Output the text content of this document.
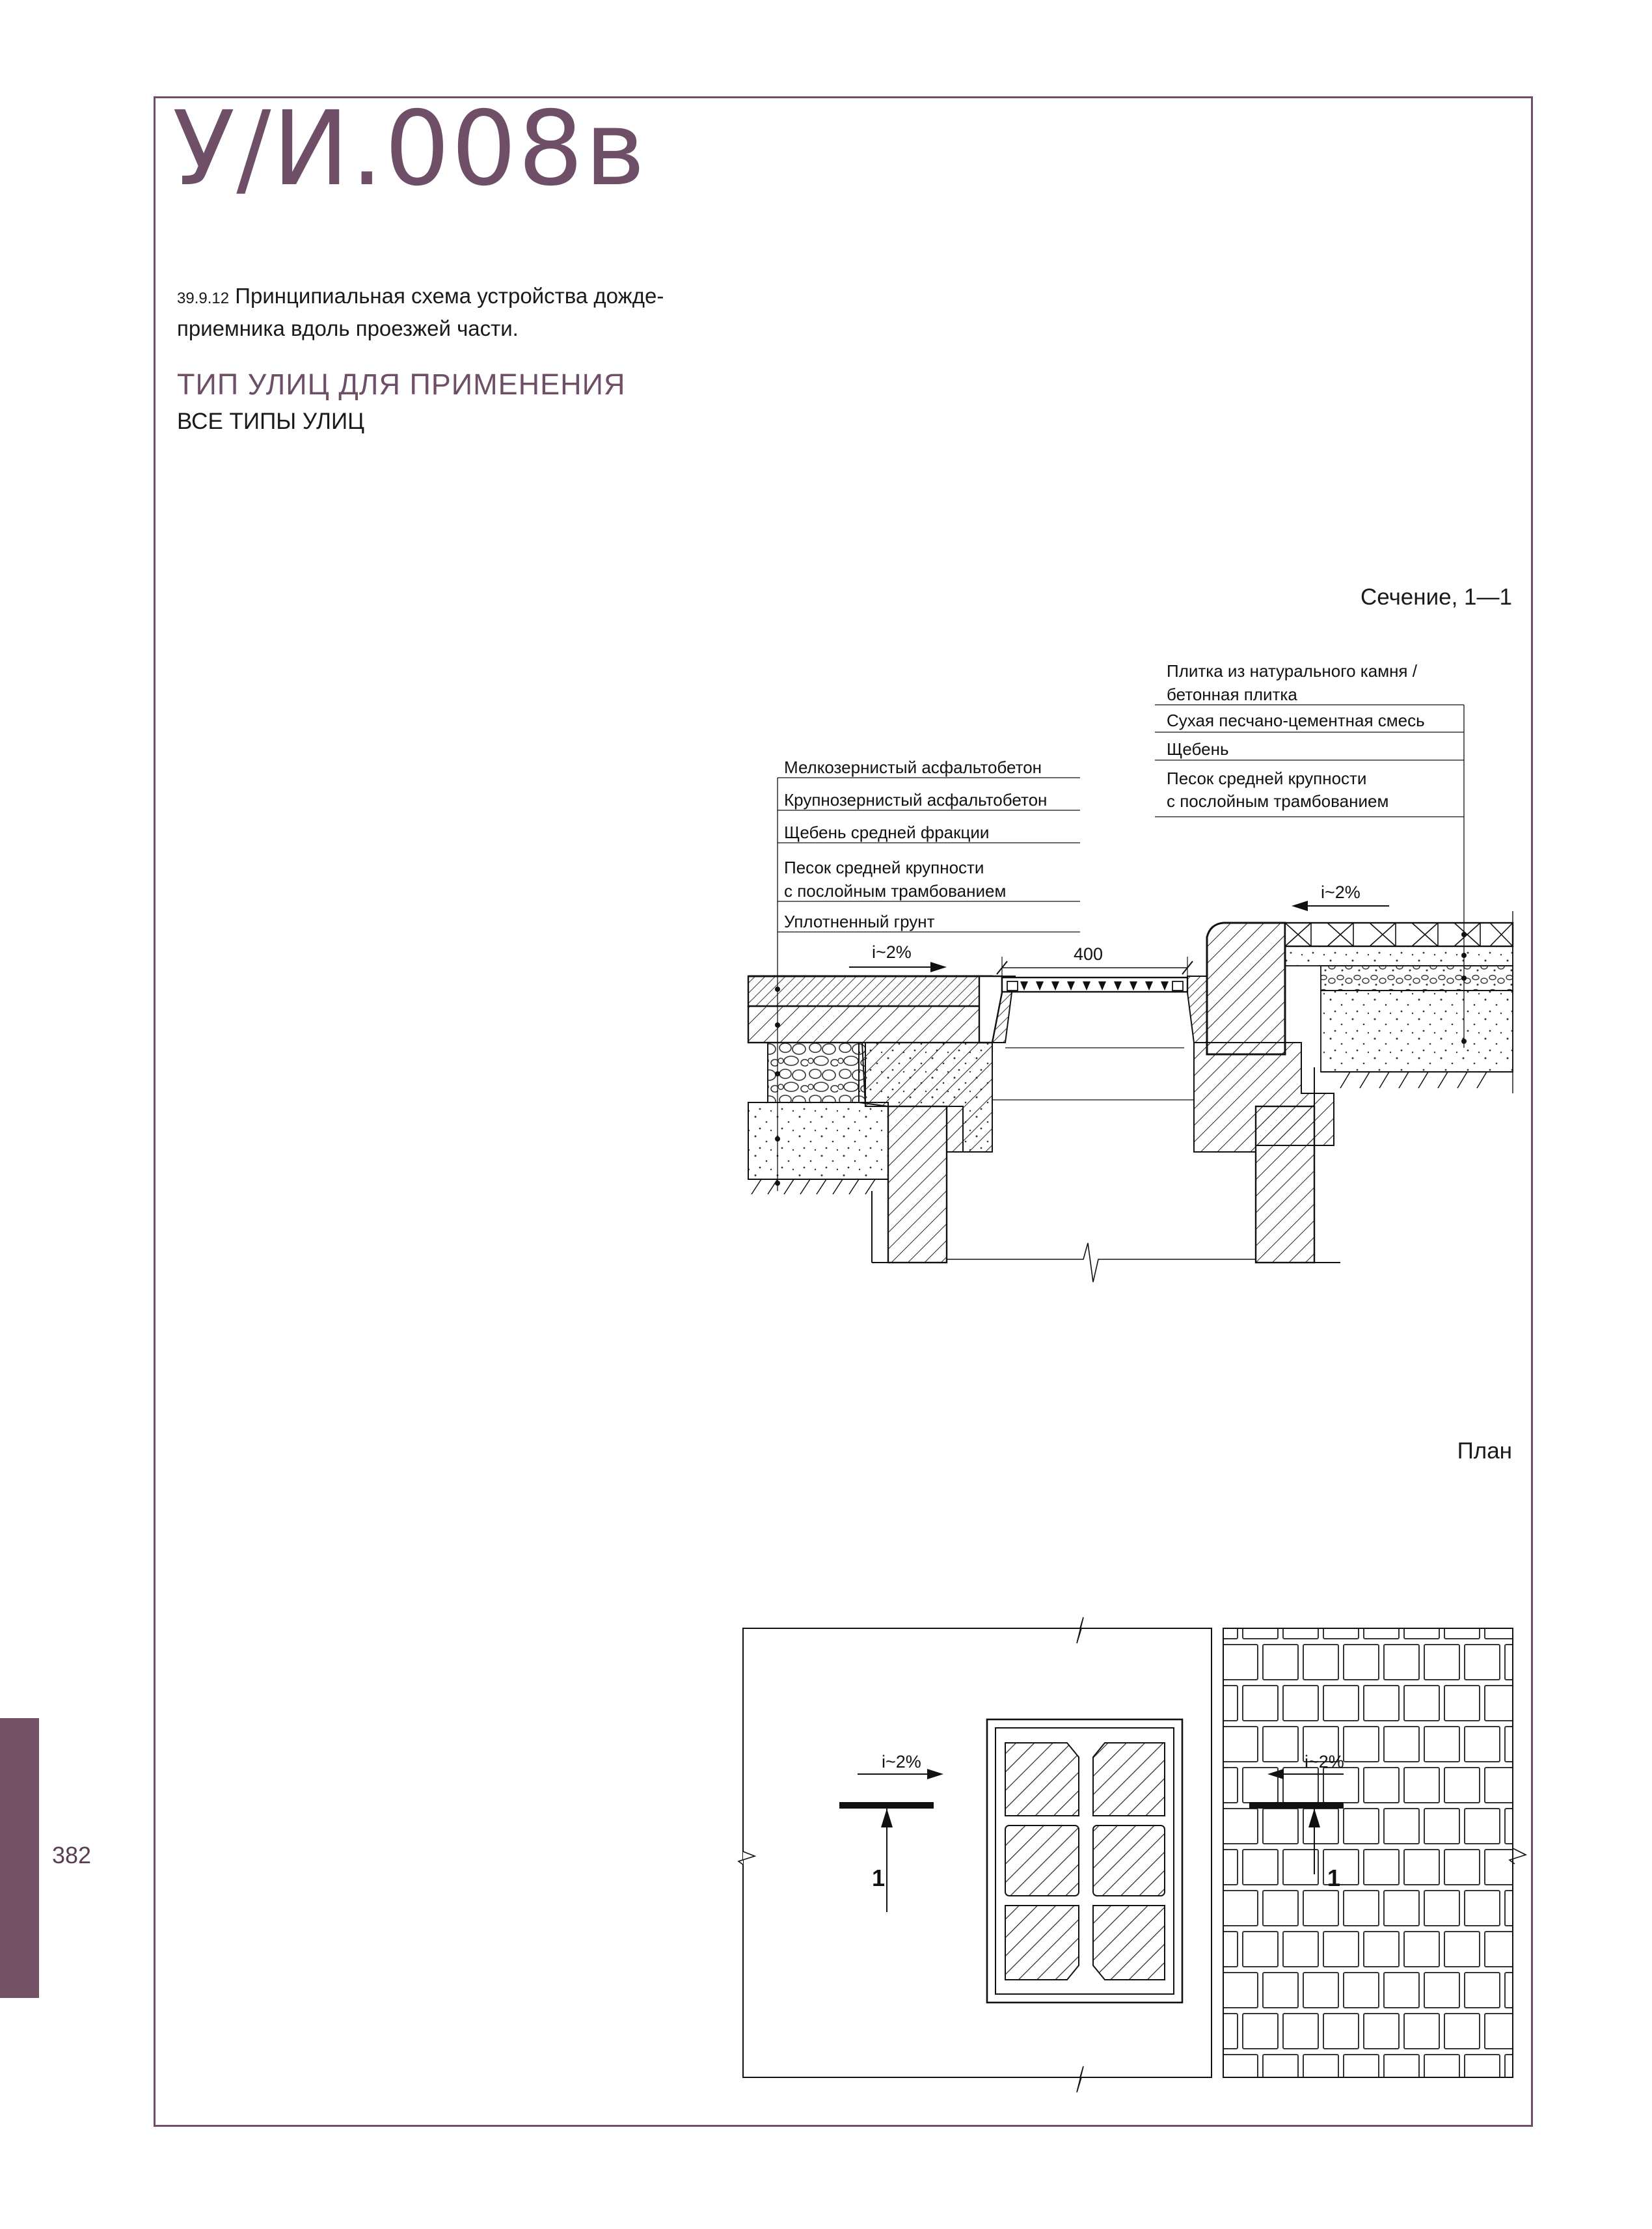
У/И.008в
39.9.12 Принципиальная схема устройства дожде-
приемника вдоль проезжей части.
ТИП УЛИЦ ДЛЯ ПРИМЕНЕНИЯ
ВСЕ ТИПЫ УЛИЦ
Сечение, 1—1
Мелкозернистый асфальтобетон
Крупнозернистый асфальтобетон
Щебень средней фракции
Песок средней крупности
с послойным трамбованием
Уплотненный грунт
Плитка из натурального камня /
бетонная плитка
Сухая песчано-цементная смесь
Щебень
Песок средней крупности
с послойным трамбованием
i~2%
i~2%
400
План
i~2%	i~2%
1	1
382
